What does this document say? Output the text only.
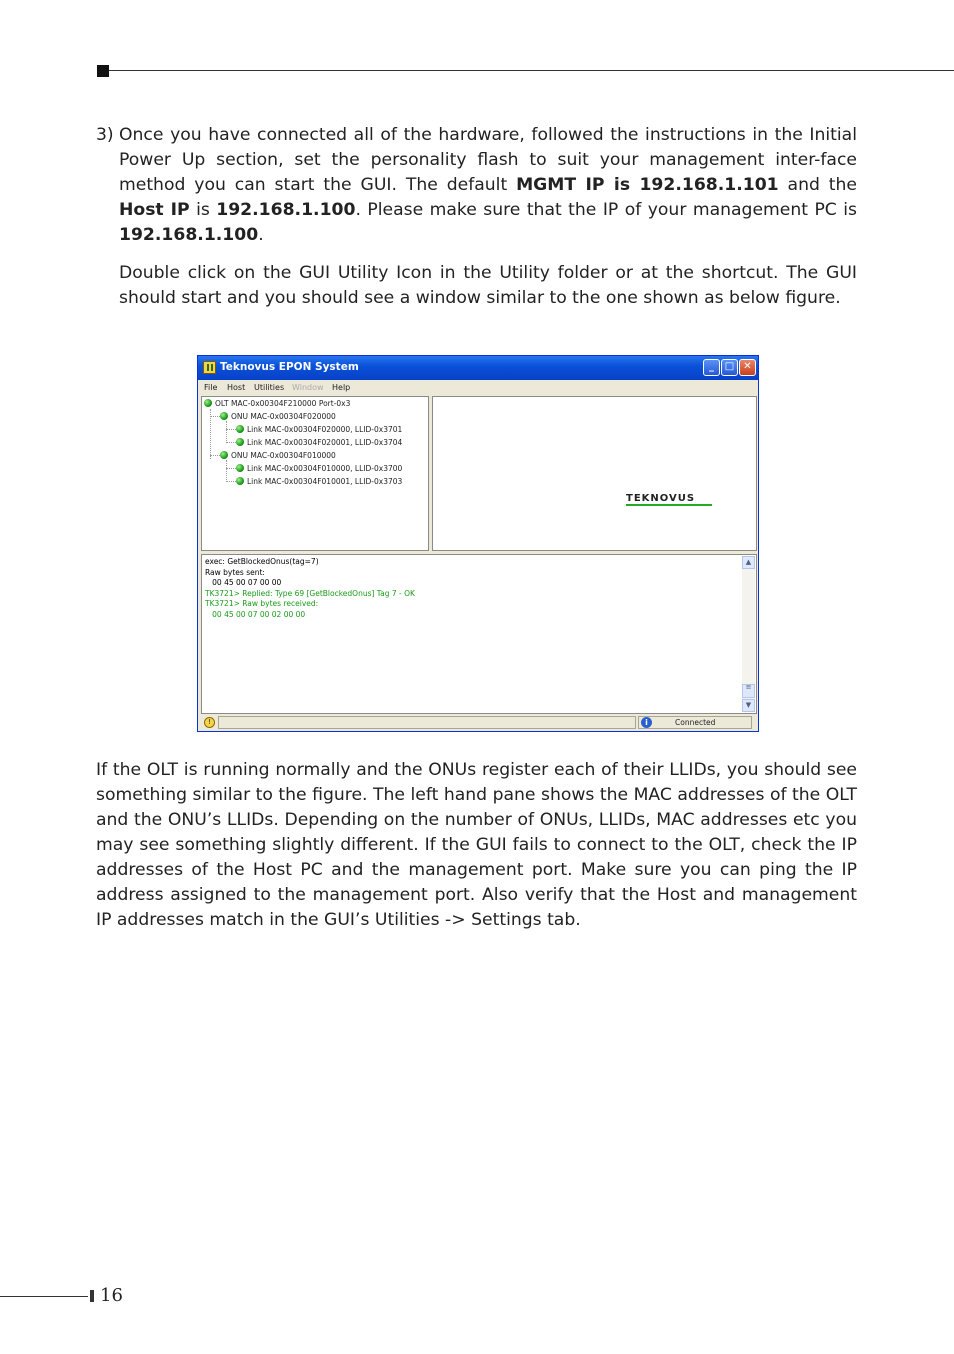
3) Once you have connected all of the hardware, followed the instructions in the Initial Power Up section, set the personality flash to suit your management inter-face method you can start the GUI. The default MGMT IP is 192.168.1.101 and the Host IP is 192.168.1.100. Please make sure that the IP of your management PC is 192.168.1.100.
Double click on the GUI Utility Icon in the Utility folder or at the shortcut. The GUI should start and you should see a window similar to the one shown as below figure.
Teknovus EPON System	_	□ ✕
File Host Utilities Window Help
OLT MAC-0x00304F210000 Port-0x3
ONU MAC-0x00304F020000
Link MAC-0x00304F020000, LLID-0x3701
Link MAC-0x00304F020001, LLID-0x3704
ONU MAC-0x00304F010000
Link MAC-0x00304F010000, LLID-0x3700
Link MAC-0x00304F010001, LLID-0x3703
TEKNOVUS
exec: GetBlockedOnus(tag=7)
Raw bytes sent:
00 45 00 07 00 00
TK3721> Replied: Type 69 [GetBlockedOnus] Tag 7 - OK
TK3721> Raw bytes received:
00 45 00 07 00 02 00 00
▲
≡
▼
!	i	Connected
If the OLT is running normally and the ONUs register each of their LLIDs, you should see something similar to the figure. The left hand pane shows the MAC addresses of the OLT and the ONU’s LLIDs. Depending on the number of ONUs, LLIDs, MAC addresses etc you may see something slightly different. If the GUI fails to connect to the OLT, check the IP addresses of the Host PC and the management port. Make sure you can ping the IP address assigned to the management port. Also verify that the Host and management IP addresses match in the GUI’s Utilities -> Settings tab.
16
